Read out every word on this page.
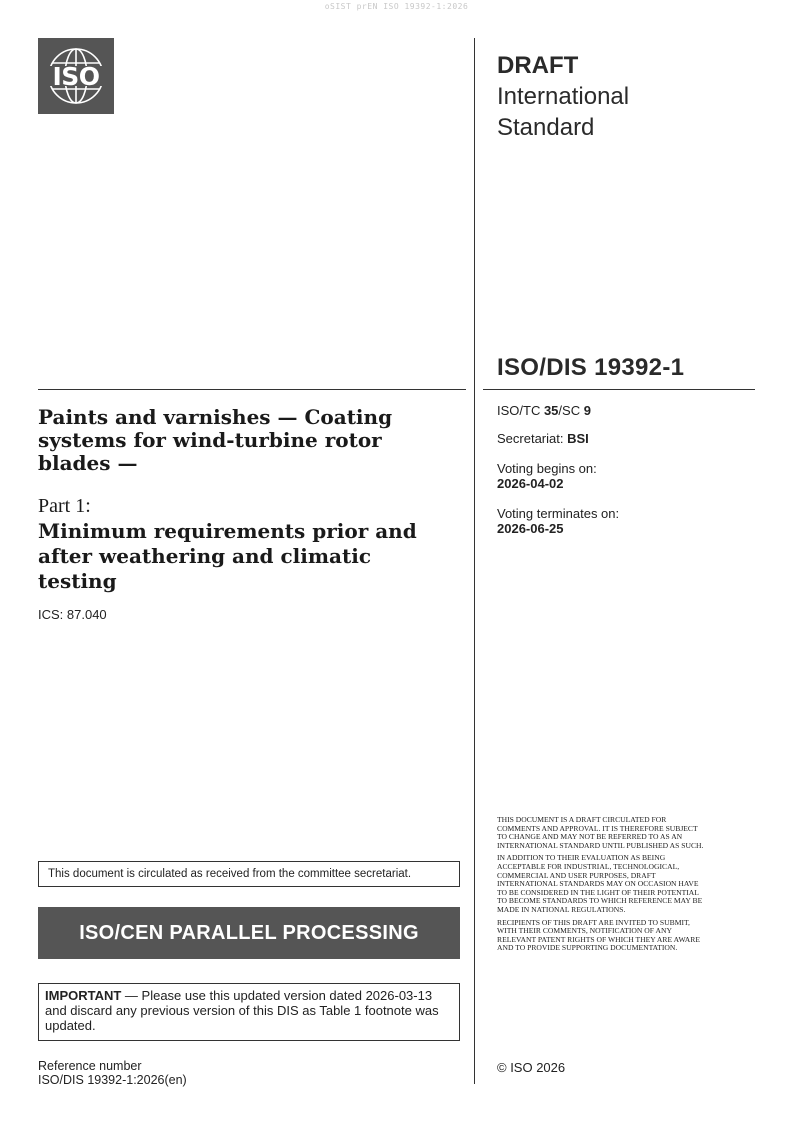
oSIST prEN ISO 19392-1:2026
ISO	DRAFT
International
Standard
ISO/DIS 19392-1
ISO/TC 35/SC 9
Secretariat: BSI
Voting begins on:
2026-04-02
Voting terminates on:
2026-06-25
Paints and varnishes — Coating systems for wind-turbine rotor blades —
Part 1:
Minimum requirements prior and after weathering and climatic testing
ICS: 87.040
This document is circulated as received from the committee secretariat.
ISO/CEN PARALLEL PROCESSING
IMPORTANT — Please use this updated version dated 2026-03-13 and discard any previous version of this DIS as Table 1 footnote was updated.
Reference number
ISO/DIS 19392-1:2026(en)

THIS DOCUMENT IS A DRAFT CIRCULATED FOR COMMENTS AND APPROVAL. IT IS THEREFORE SUBJECT TO CHANGE AND MAY NOT BE REFERRED TO AS AN INTERNATIONAL STANDARD UNTIL PUBLISHED AS SUCH.

IN ADDITION TO THEIR EVALUATION AS BEING ACCEPTABLE FOR INDUSTRIAL, TECHNOLOGICAL, COMMERCIAL AND USER PURPOSES, DRAFT INTERNATIONAL STANDARDS MAY ON OCCASION HAVE TO BE CONSIDERED IN THE LIGHT OF THEIR POTENTIAL TO BECOME STANDARDS TO WHICH REFERENCE MAY BE MADE IN NATIONAL REGULATIONS.

RECIPIENTS OF THIS DRAFT ARE INVITED TO SUBMIT, WITH THEIR COMMENTS, NOTIFICATION OF ANY RELEVANT PATENT RIGHTS OF WHICH THEY ARE AWARE AND TO PROVIDE SUPPORTING DOCUMENTATION.

© ISO 2026
